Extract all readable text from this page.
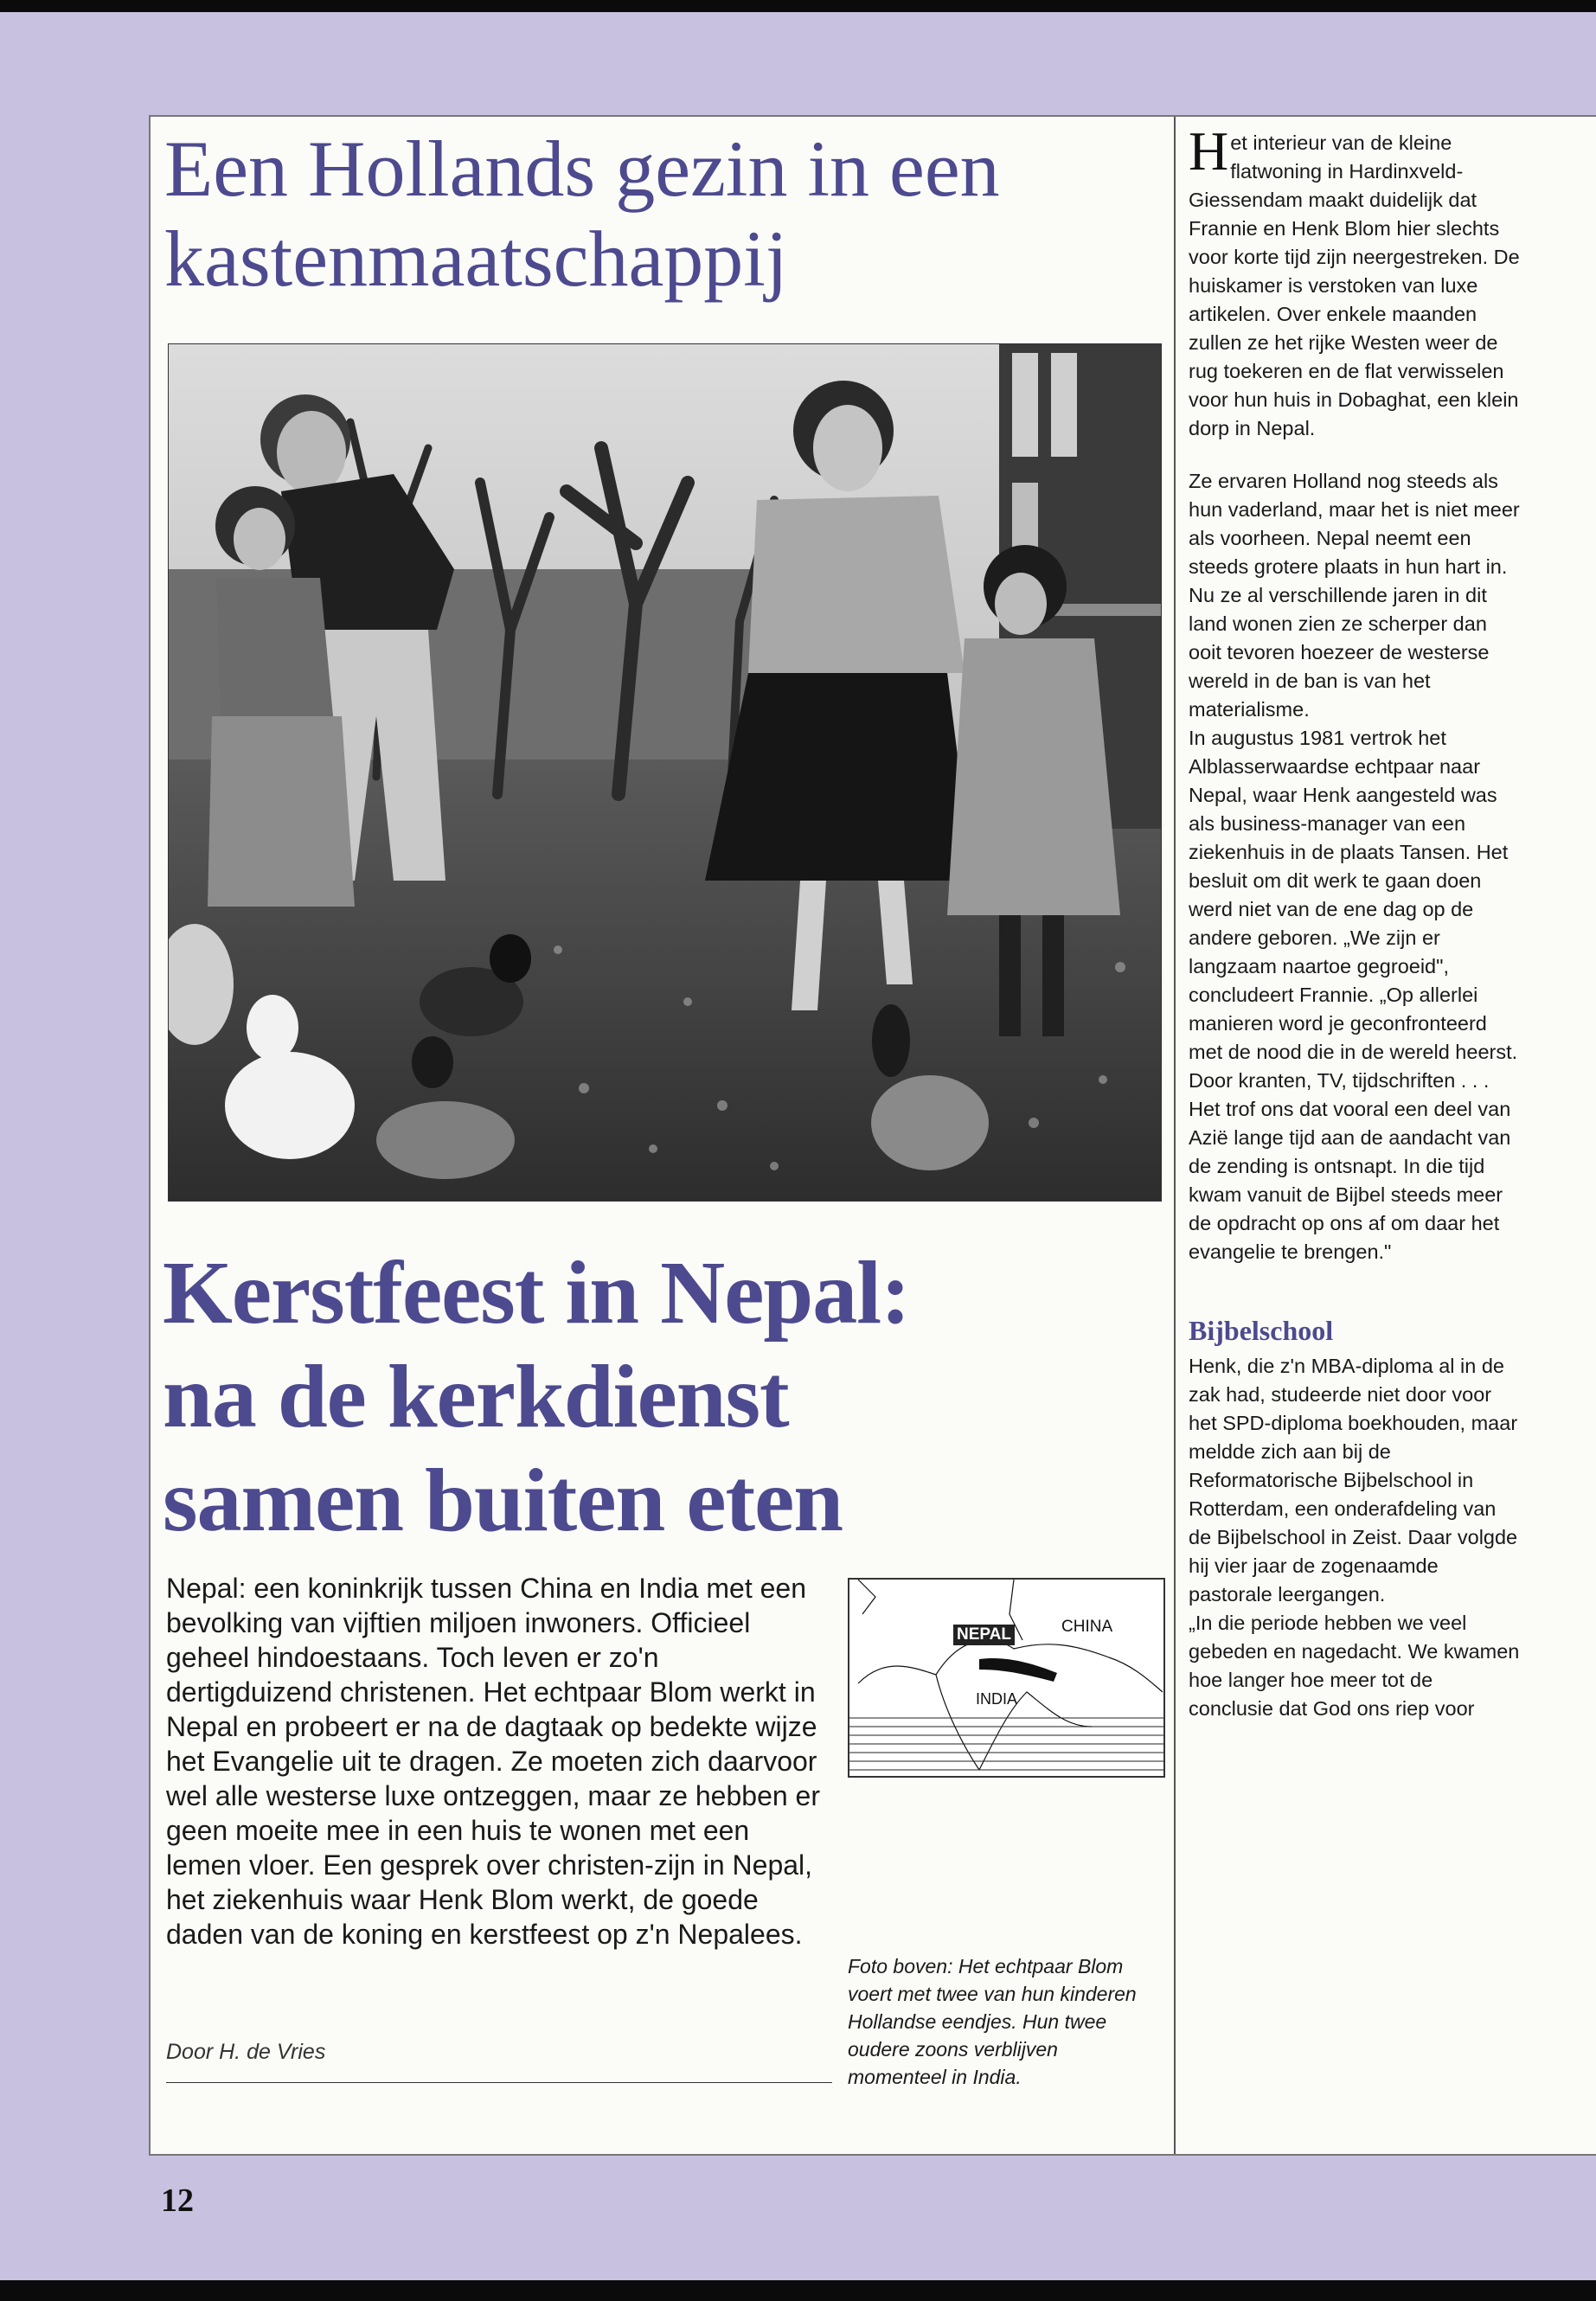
Een Hollands gezin in een kastenmaatschappij
Kerstfeest in Nepal:
na de kerkdienst
samen buiten eten

Nepal: een koninkrijk tussen China en India met een bevolking van vijftien miljoen inwoners. Officieel geheel hindoestaans. Toch leven er zo'n dertigduizend christenen. Het echtpaar Blom werkt in Nepal en probeert er na de dagtaak op bedekte wijze het Evangelie uit te dragen. Ze moeten zich daarvoor wel alle westerse luxe ontzeggen, maar ze hebben er geen moeite mee in een huis te wonen met een lemen vloer. Een gesprek over christen-zijn in Nepal, het ziekenhuis waar Henk Blom werkt, de goede daden van de koning en kerstfeest op z'n Nepalees.

Door H. de Vries
NEPAL	CHINA
INDIA

Foto boven: Het echtpaar Blom voert met twee van hun kinderen Hollandse eendjes. Hun twee oudere zoons verblijven momenteel in India.

Het interieur van de kleine flatwoning in Hardinxveld-Giessendam maakt duidelijk dat Frannie en Henk Blom hier slechts voor korte tijd zijn neergestreken. De huiskamer is verstoken van luxe artikelen. Over enkele maanden zullen ze het rijke Westen weer de rug toekeren en de flat verwisselen voor hun huis in Dobaghat, een klein dorp in Nepal.

Ze ervaren Holland nog steeds als hun vaderland, maar het is niet meer als voorheen. Nepal neemt een steeds grotere plaats in hun hart in. Nu ze al verschillende jaren in dit land wonen zien ze scherper dan ooit tevoren hoezeer de westerse wereld in de ban is van het materialisme.

In augustus 1981 vertrok het Alblasserwaardse echtpaar naar Nepal, waar Henk aangesteld was als business-manager van een ziekenhuis in de plaats Tansen. Het besluit om dit werk te gaan doen werd niet van de ene dag op de andere geboren. „We zijn er langzaam naartoe gegroeid", concludeert Frannie. „Op allerlei manieren word je geconfronteerd met de nood die in de wereld heerst. Door kranten, TV, tijdschriften . . . Het trof ons dat vooral een deel van Azië lange tijd aan de aandacht van de zending is ontsnapt. In die tijd kwam vanuit de Bijbel steeds meer de opdracht op ons af om daar het evangelie te brengen."

Bijbelschool

Henk, die z'n MBA-diploma al in de zak had, studeerde niet door voor het SPD-diploma boekhouden, maar meldde zich aan bij de Reformatorische Bijbelschool in Rotterdam, een onderafdeling van de Bijbelschool in Zeist. Daar volgde hij vier jaar de zogenaamde pastorale leergangen.

„In die periode hebben we veel gebeden en nagedacht. We kwamen hoe langer hoe meer tot de conclusie dat God ons riep voor

12
